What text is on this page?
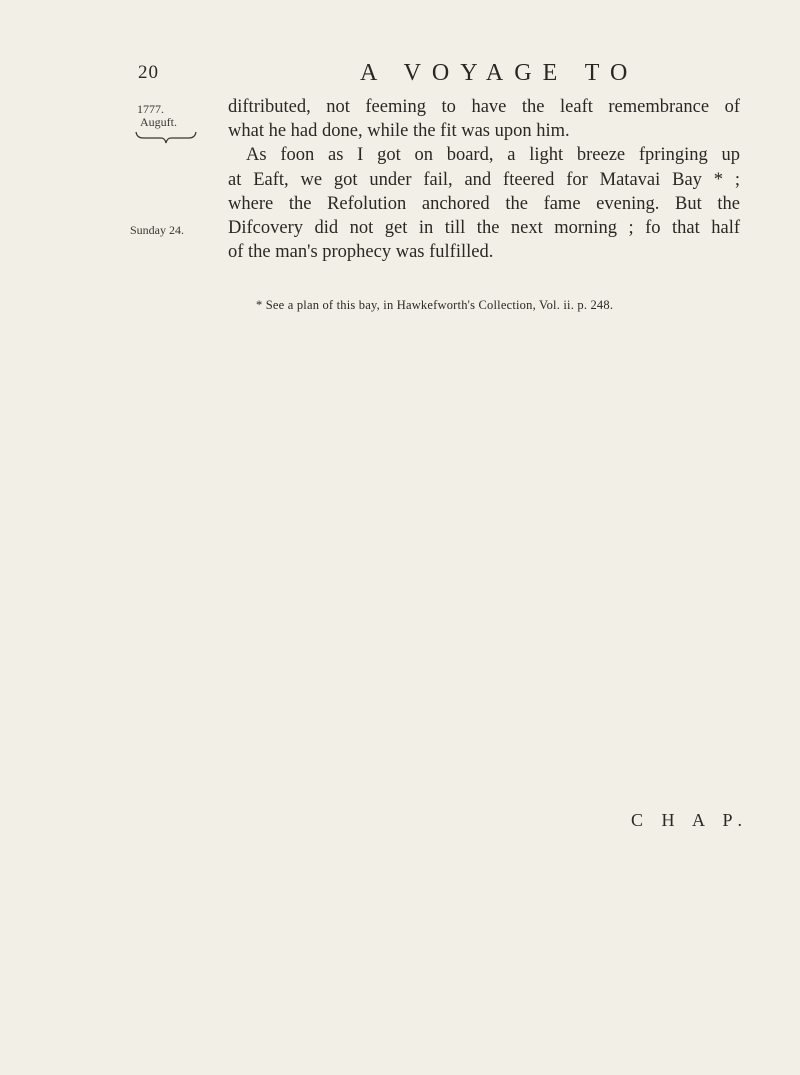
20	A VOYAGE TO
1777.
Auguft.
Sunday 24.
diftributed, not feeming to have the leaft remembrance of
what he had done, while the fit was upon him.
As foon as I got on board, a light breeze fpringing up
at Eaft, we got under fail, and fteered for Matavai Bay * ;
where the Refolution anchored the fame evening. But the
Difcovery did not get in till the next morning ; fo that half
of the man's prophecy was fulfilled.
* See a plan of this bay, in Hawkefworth's Collection, Vol. ii. p. 248.
C H A P.
